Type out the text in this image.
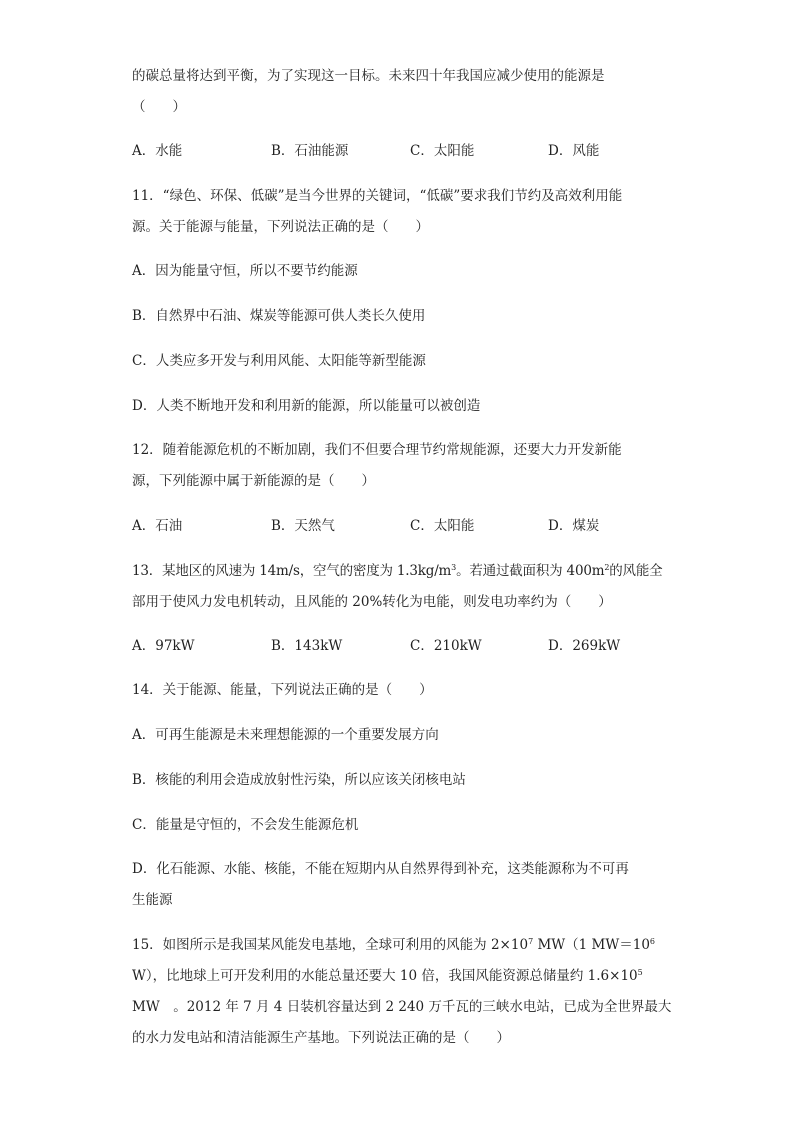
的碳总量将达到平衡，为了实现这一目标。未来四十年我国应减少使用的能源是
（　　）
A．水能	B．石油能源	C．太阳能	D．风能
11．“绿色、环保、低碳”是当今世界的关键词，“低碳”要求我们节约及高效利用能
源。关于能源与能量，下列说法正确的是（　　）
A．因为能量守恒，所以不要节约能源
B．自然界中石油、煤炭等能源可供人类长久使用
C．人类应多开发与利用风能、太阳能等新型能源
D．人类不断地开发和利用新的能源，所以能量可以被创造
12．随着能源危机的不断加剧，我们不但要合理节约常规能源，还要大力开发新能
源，下列能源中属于新能源的是（　　）
A．石油	B．天然气	C．太阳能	D．煤炭
13．某地区的风速为 14m/s，空气的密度为 $1.3kg/m^3$。若通过截面积为 $400m^2$的风能全
部用于使风力发电机转动，且风能的 20%转化为电能，则发电功率约为（　　）
A．97kW	B．143kW	C．210kW	D．269kW
14．关于能源、能量，下列说法正确的是（　　）
A．可再生能源是未来理想能源的一个重要发展方向
B．核能的利用会造成放射性污染，所以应该关闭核电站
C．能量是守恒的，不会发生能源危机
D．化石能源、水能、核能，不能在短期内从自然界得到补充，这类能源称为不可再
生能源
15．如图所示是我国某风能发电基地，全球可利用的风能为 $2\times 10^7$ MW（1 $MW=10^6$
W），比地球上可开发利用的水能总量还要大 10 倍，我国风能资源总储量约 $1.6\times 10^5$
MW　。2012 年 7 月 4 日装机容量达到 2 240 万千瓦的三峡水电站，已成为全世界最大
的水力发电站和清洁能源生产基地。下列说法正确的是（　　）
